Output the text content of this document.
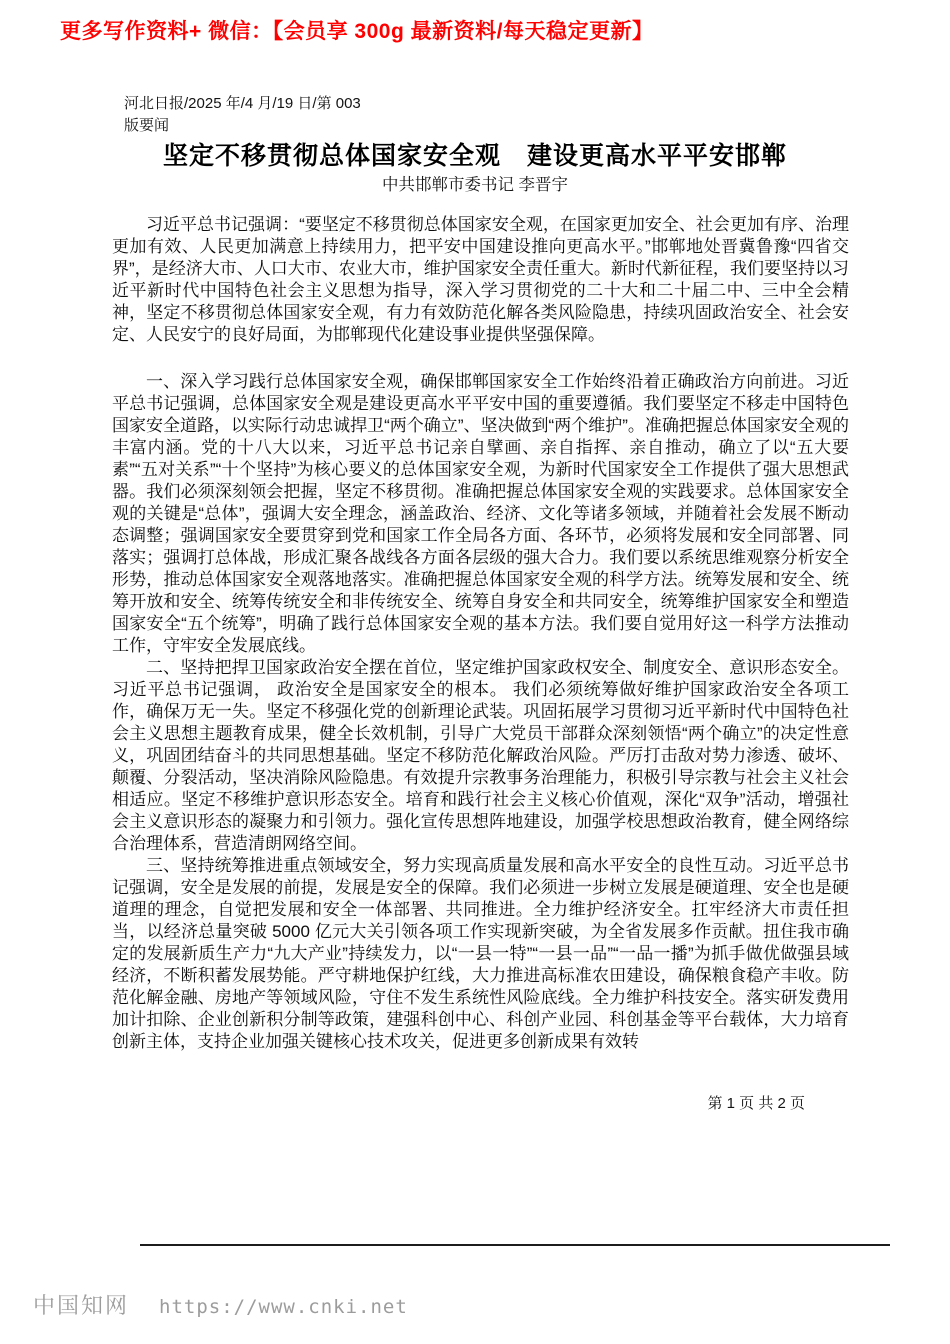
更多写作资料+ 微信：【会员享 300g 最新资料/每天稳定更新】
河北日报/2025 年/4 月/19 日/第 003
版要闻
坚定不移贯彻总体国家安全观　建设更高水平平安邯郸
中共邯郸市委书记 李晋宇

习近平总书记强调：“要坚定不移贯彻总体国家安全观，在国家更加安全、社会更加有序、治理更加有效、人民更加满意上持续用力，把平安中国建设推向更高水平。”邯郸地处晋冀鲁豫“四省交界”，是经济大市、人口大市、农业大市，维护国家安全责任重大。新时代新征程，我们要坚持以习近平新时代中国特色社会主义思想为指导，深入学习贯彻党的二十大和二十届二中、三中全会精神，坚定不移贯彻总体国家安全观，有力有效防范化解各类风险隐患，持续巩固政治安全、社会安定、人民安宁的良好局面，为邯郸现代化建设事业提供坚强保障。

一、深入学习践行总体国家安全观，确保邯郸国家安全工作始终沿着正确政治方向前进。习近平总书记强调，总体国家安全观是建设更高水平平安中国的重要遵循。我们要坚定不移走中国特色国家安全道路，以实际行动忠诚捍卫“两个确立”、坚决做到“两个维护”。准确把握总体国家安全观的丰富内涵。党的十八大以来，习近平总书记亲自擘画、亲自指挥、亲自推动，确立了以“五大要素”“五对关系”“十个坚持”为核心要义的总体国家安全观，为新时代国家安全工作提供了强大思想武器。我们必须深刻领会把握，坚定不移贯彻。准确把握总体国家安全观的实践要求。总体国家安全观的关键是“总体”，强调大安全理念，涵盖政治、经济、文化等诸多领域，并随着社会发展不断动态调整；强调国家安全要贯穿到党和国家工作全局各方面、各环节，必须将发展和安全同部署、同落实；强调打总体战，形成汇聚各战线各方面各层级的强大合力。我们要以系统思维观察分析安全形势，推动总体国家安全观落地落实。准确把握总体国家安全观的科学方法。统筹发展和安全、统筹开放和安全、统筹传统安全和非传统安全、统筹自身安全和共同安全，统筹维护国家安全和塑造国家安全“五个统筹”，明确了践行总体国家安全观的基本方法。我们要自觉用好这一科学方法推动工作，守牢安全发展底线。

二、坚持把捍卫国家政治安全摆在首位，坚定维护国家政权安全、制度安全、意识形态安全。习近平总书记强调， 政治安全是国家安全的根本。 我们必须统筹做好维护国家政治安全各项工作，确保万无一失。坚定不移强化党的创新理论武装。巩固拓展学习贯彻习近平新时代中国特色社会主义思想主题教育成果，健全长效机制，引导广大党员干部群众深刻领悟“两个确立”的决定性意义，巩固团结奋斗的共同思想基础。坚定不移防范化解政治风险。严厉打击敌对势力渗透、破坏、颠覆、分裂活动，坚决消除风险隐患。有效提升宗教事务治理能力，积极引导宗教与社会主义社会相适应。坚定不移维护意识形态安全。培育和践行社会主义核心价值观，深化“双争”活动，增强社会主义意识形态的凝聚力和引领力。强化宣传思想阵地建设，加强学校思想政治教育，健全网络综合治理体系，营造清朗网络空间。

三、坚持统筹推进重点领域安全，努力实现高质量发展和高水平安全的良性互动。习近平总书记强调，安全是发展的前提，发展是安全的保障。我们必须进一步树立发展是硬道理、安全也是硬道理的理念，自觉把发展和安全一体部署、共同推进。全力维护经济安全。扛牢经济大市责任担当，以经济总量突破 5000 亿元大关引领各项工作实现新突破，为全省发展多作贡献。扭住我市确定的发展新质生产力“九大产业”持续发力，以“一县一特”“一县一品”“一品一播”为抓手做优做强县域经济，不断积蓄发展势能。严守耕地保护红线，大力推进高标准农田建设，确保粮食稳产丰收。防范化解金融、房地产等领域风险，守住不发生系统性风险底线。全力维护科技安全。落实研发费用加计扣除、企业创新积分制等政策，建强科创中心、科创产业园、科创基金等平台载体，大力培育创新主体，支持企业加强关键核心技术攻关，促进更多创新成果有效转

第 1 页 共 2 页
中国知网 https://www.cnki.net
